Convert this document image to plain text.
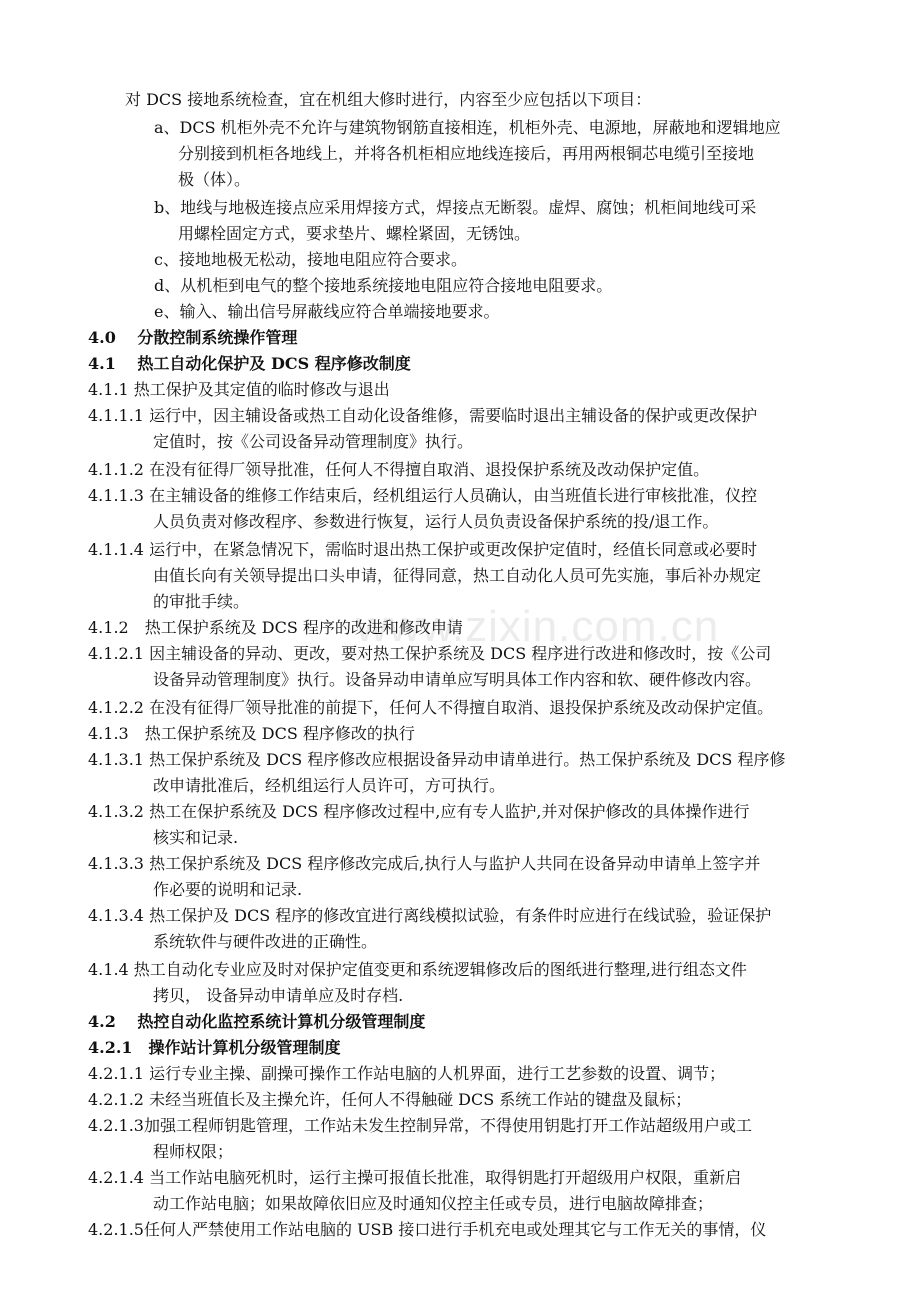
www.zixin.com.cn
对 DCS 接地系统检查，宜在机组大修时进行，内容至少应包括以下项目：
a、DCS 机柜外壳不允许与建筑物钢筋直接相连，机柜外壳、电源地，屏蔽地和逻辑地应
分别接到机柜各地线上，并将各机柜相应地线连接后，再用两根铜芯电缆引至接地
极（体）。
b、地线与地极连接点应采用焊接方式，焊接点无断裂。虚焊、腐蚀；机柜间地线可采
用螺栓固定方式，要求垫片、螺栓紧固，无锈蚀。
c、接地地极无松动，接地电阻应符合要求。
d、从机柜到电气的整个接地系统接地电阻应符合接地电阻要求。
e、输入、输出信号屏蔽线应符合单端接地要求。
4.0　 分散控制系统操作管理
4.1　 热工自动化保护及 DCS 程序修改制度
4.1.1 热工保护及其定值的临时修改与退出
4.1.1.1 运行中，因主辅设备或热工自动化设备维修，需要临时退出主辅设备的保护或更改保护
定值时，按《公司设备异动管理制度》执行。
4.1.1.2 在没有征得厂领导批准，任何人不得擅自取消、退投保护系统及改动保护定值。
4.1.1.3 在主辅设备的维修工作结束后，经机组运行人员确认，由当班值长进行审核批准，仪控
人员负责对修改程序、参数进行恢复，运行人员负责设备保护系统的投/退工作。
4.1.1.4 运行中，在紧急情况下，需临时退出热工保护或更改保护定值时，经值长同意或必要时
由值长向有关领导提出口头申请，征得同意，热工自动化人员可先实施，事后补办规定
的审批手续。
4.1.2　热工保护系统及 DCS 程序的改进和修改申请
4.1.2.1 因主辅设备的异动、更改，要对热工保护系统及 DCS 程序进行改进和修改时，按《公司
设备异动管理制度》执行。设备异动申请单应写明具体工作内容和软、硬件修改内容。
4.1.2.2 在没有征得厂领导批准的前提下，任何人不得擅自取消、退投保护系统及改动保护定值。
4.1.3　热工保护系统及 DCS 程序修改的执行
4.1.3.1 热工保护系统及 DCS 程序修改应根据设备异动申请单进行。热工保护系统及 DCS 程序修
改申请批准后，经机组运行人员许可，方可执行。
4.1.3.2 热工在保护系统及 DCS 程序修改过程中,应有专人监护,并对保护修改的具体操作进行
核实和记录.
4.1.3.3 热工保护系统及 DCS 程序修改完成后,执行人与监护人共同在设备异动申请单上签字并
作必要的说明和记录.
4.1.3.4 热工保护及 DCS 程序的修改宜进行离线模拟试验，有条件时应进行在线试验，验证保护
系统软件与硬件改进的正确性。
4.1.4 热工自动化专业应及时对保护定值变更和系统逻辑修改后的图纸进行整理,进行组态文件
拷贝， 设备异动申请单应及时存档.
4.2　 热控自动化监控系统计算机分级管理制度
4.2.1　操作站计算机分级管理制度
4.2.1.1 运行专业主操、副操可操作工作站电脑的人机界面，进行工艺参数的设置、调节；
4.2.1.2 未经当班值长及主操允许，任何人不得触碰 DCS 系统工作站的键盘及鼠标；
4.2.1.3加强工程师钥匙管理，工作站未发生控制异常，不得使用钥匙打开工作站超级用户或工
程师权限；
4.2.1.4 当工作站电脑死机时，运行主操可报值长批准，取得钥匙打开超级用户权限，重新启
动工作站电脑；如果故障依旧应及时通知仪控主任或专员，进行电脑故障排查；
4.2.1.5任何人严禁使用工作站电脑的 USB 接口进行手机充电或处理其它与工作无关的事情，仪
